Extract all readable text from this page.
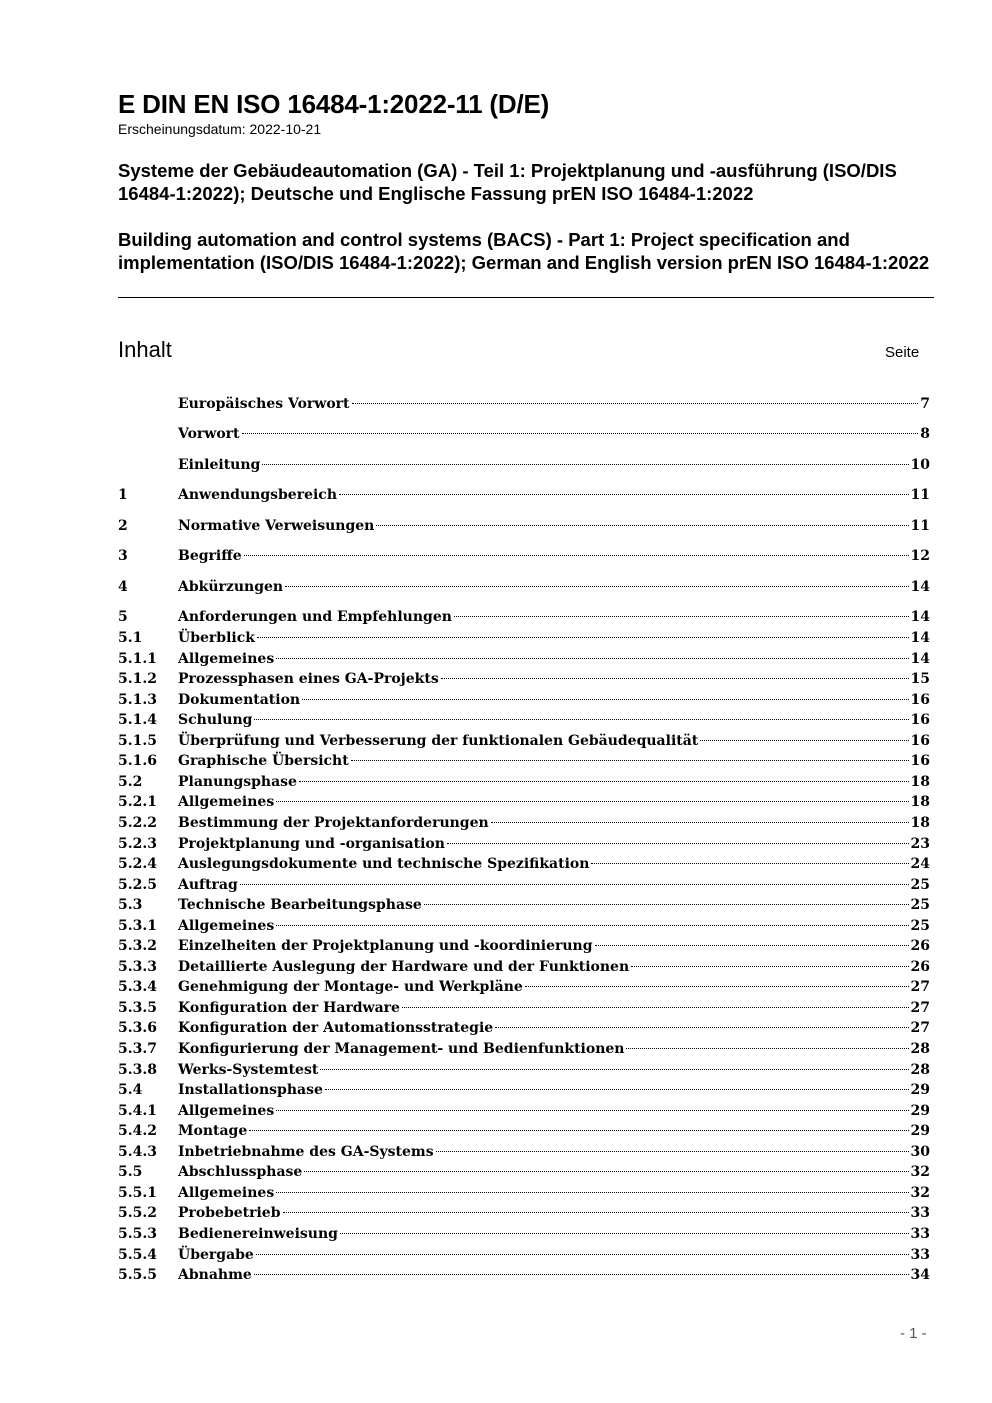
E DIN EN ISO 16484-1:2022-11 (D/E)
Erscheinungsdatum: 2022-10-21
Systeme der Gebäudeautomation (GA) - Teil 1: Projektplanung und -ausführung (ISO/DIS 16484-1:2022); Deutsche und Englische Fassung prEN ISO 16484-1:2022
Building automation and control systems (BACS) - Part 1: Project specification and implementation (ISO/DIS 16484-1:2022); German and English version prEN ISO 16484-1:2022
Inhalt	Seite
Europäisches Vorwort	7
Vorwort	8
Einleitung	10
1	Anwendungsbereich	11
2	Normative Verweisungen	11
3	Begriffe	12
4	Abkürzungen	14
5	Anforderungen und Empfehlungen	14
5.1	Überblick	14
5.1.1	Allgemeines	14
5.1.2	Prozessphasen eines GA-Projekts	15
5.1.3	Dokumentation	16
5.1.4	Schulung	16
5.1.5	Überprüfung und Verbesserung der funktionalen Gebäudequalität	16
5.1.6	Graphische Übersicht	16
5.2	Planungsphase	18
5.2.1	Allgemeines	18
5.2.2	Bestimmung der Projektanforderungen	18
5.2.3	Projektplanung und -organisation	23
5.2.4	Auslegungsdokumente und technische Spezifikation	24
5.2.5	Auftrag	25
5.3	Technische Bearbeitungsphase	25
5.3.1	Allgemeines	25
5.3.2	Einzelheiten der Projektplanung und -koordinierung	26
5.3.3	Detaillierte Auslegung der Hardware und der Funktionen	26
5.3.4	Genehmigung der Montage- und Werkpläne	27
5.3.5	Konfiguration der Hardware	27
5.3.6	Konfiguration der Automationsstrategie	27
5.3.7	Konfigurierung der Management- und Bedienfunktionen	28
5.3.8	Werks-Systemtest	28
5.4	Installationsphase	29
5.4.1	Allgemeines	29
5.4.2	Montage	29
5.4.3	Inbetriebnahme des GA-Systems	30
5.5	Abschlussphase	32
5.5.1	Allgemeines	32
5.5.2	Probebetrieb	33
5.5.3	Bedienereinweisung	33
5.5.4	Übergabe	33
5.5.5	Abnahme	34
- 1 -
